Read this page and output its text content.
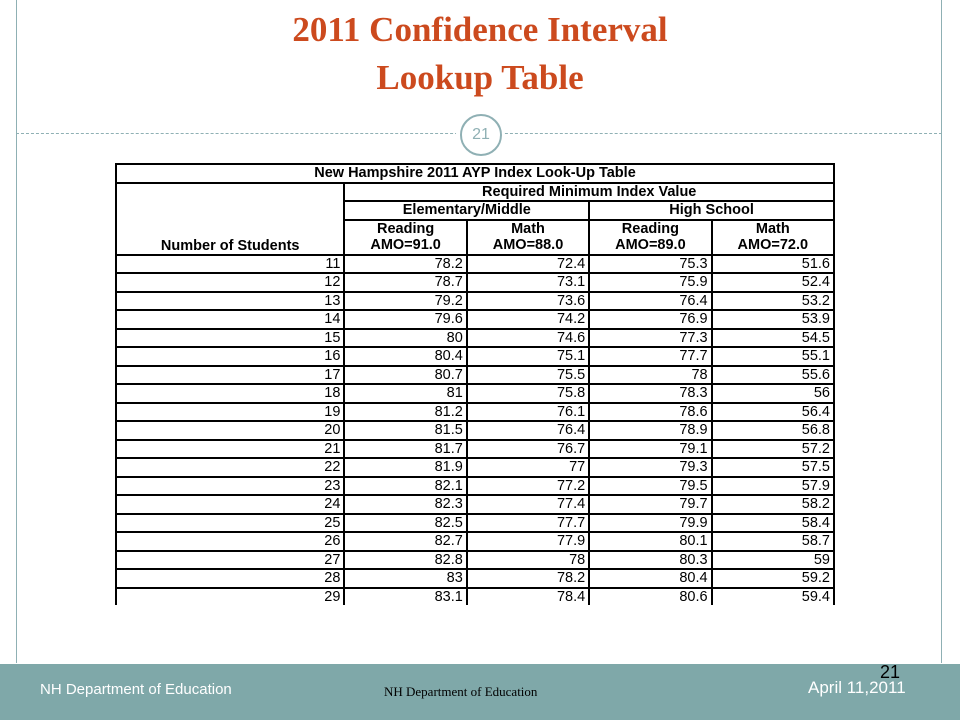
2011 Confidence Interval
Lookup Table
21
New Hampshire 2011 AYP Index Look-Up Table				
Number of Students	Required Minimum Index Value			
	Elementary/Middle		High School	
	Reading	Math	Reading	Math
	AMO=91.0	AMO=88.0	AMO=89.0	AMO=72.0
11	78.2	72.4	75.3	51.6
12	78.7	73.1	75.9	52.4
13	79.2	73.6	76.4	53.2
14	79.6	74.2	76.9	53.9
15	80	74.6	77.3	54.5
16	80.4	75.1	77.7	55.1
17	80.7	75.5	78	55.6
18	81	75.8	78.3	56
19	81.2	76.1	78.6	56.4
20	81.5	76.4	78.9	56.8
21	81.7	76.7	79.1	57.2
22	81.9	77	79.3	57.5
23	82.1	77.2	79.5	57.9
24	82.3	77.4	79.7	58.2
25	82.5	77.7	79.9	58.4
26	82.7	77.9	80.1	58.7
27	82.8	78	80.3	59
28	83	78.2	80.4	59.2
29	83.1	78.4	80.6	59.4
NH Department of Education	NH Department of Education	April 11,2011
21
